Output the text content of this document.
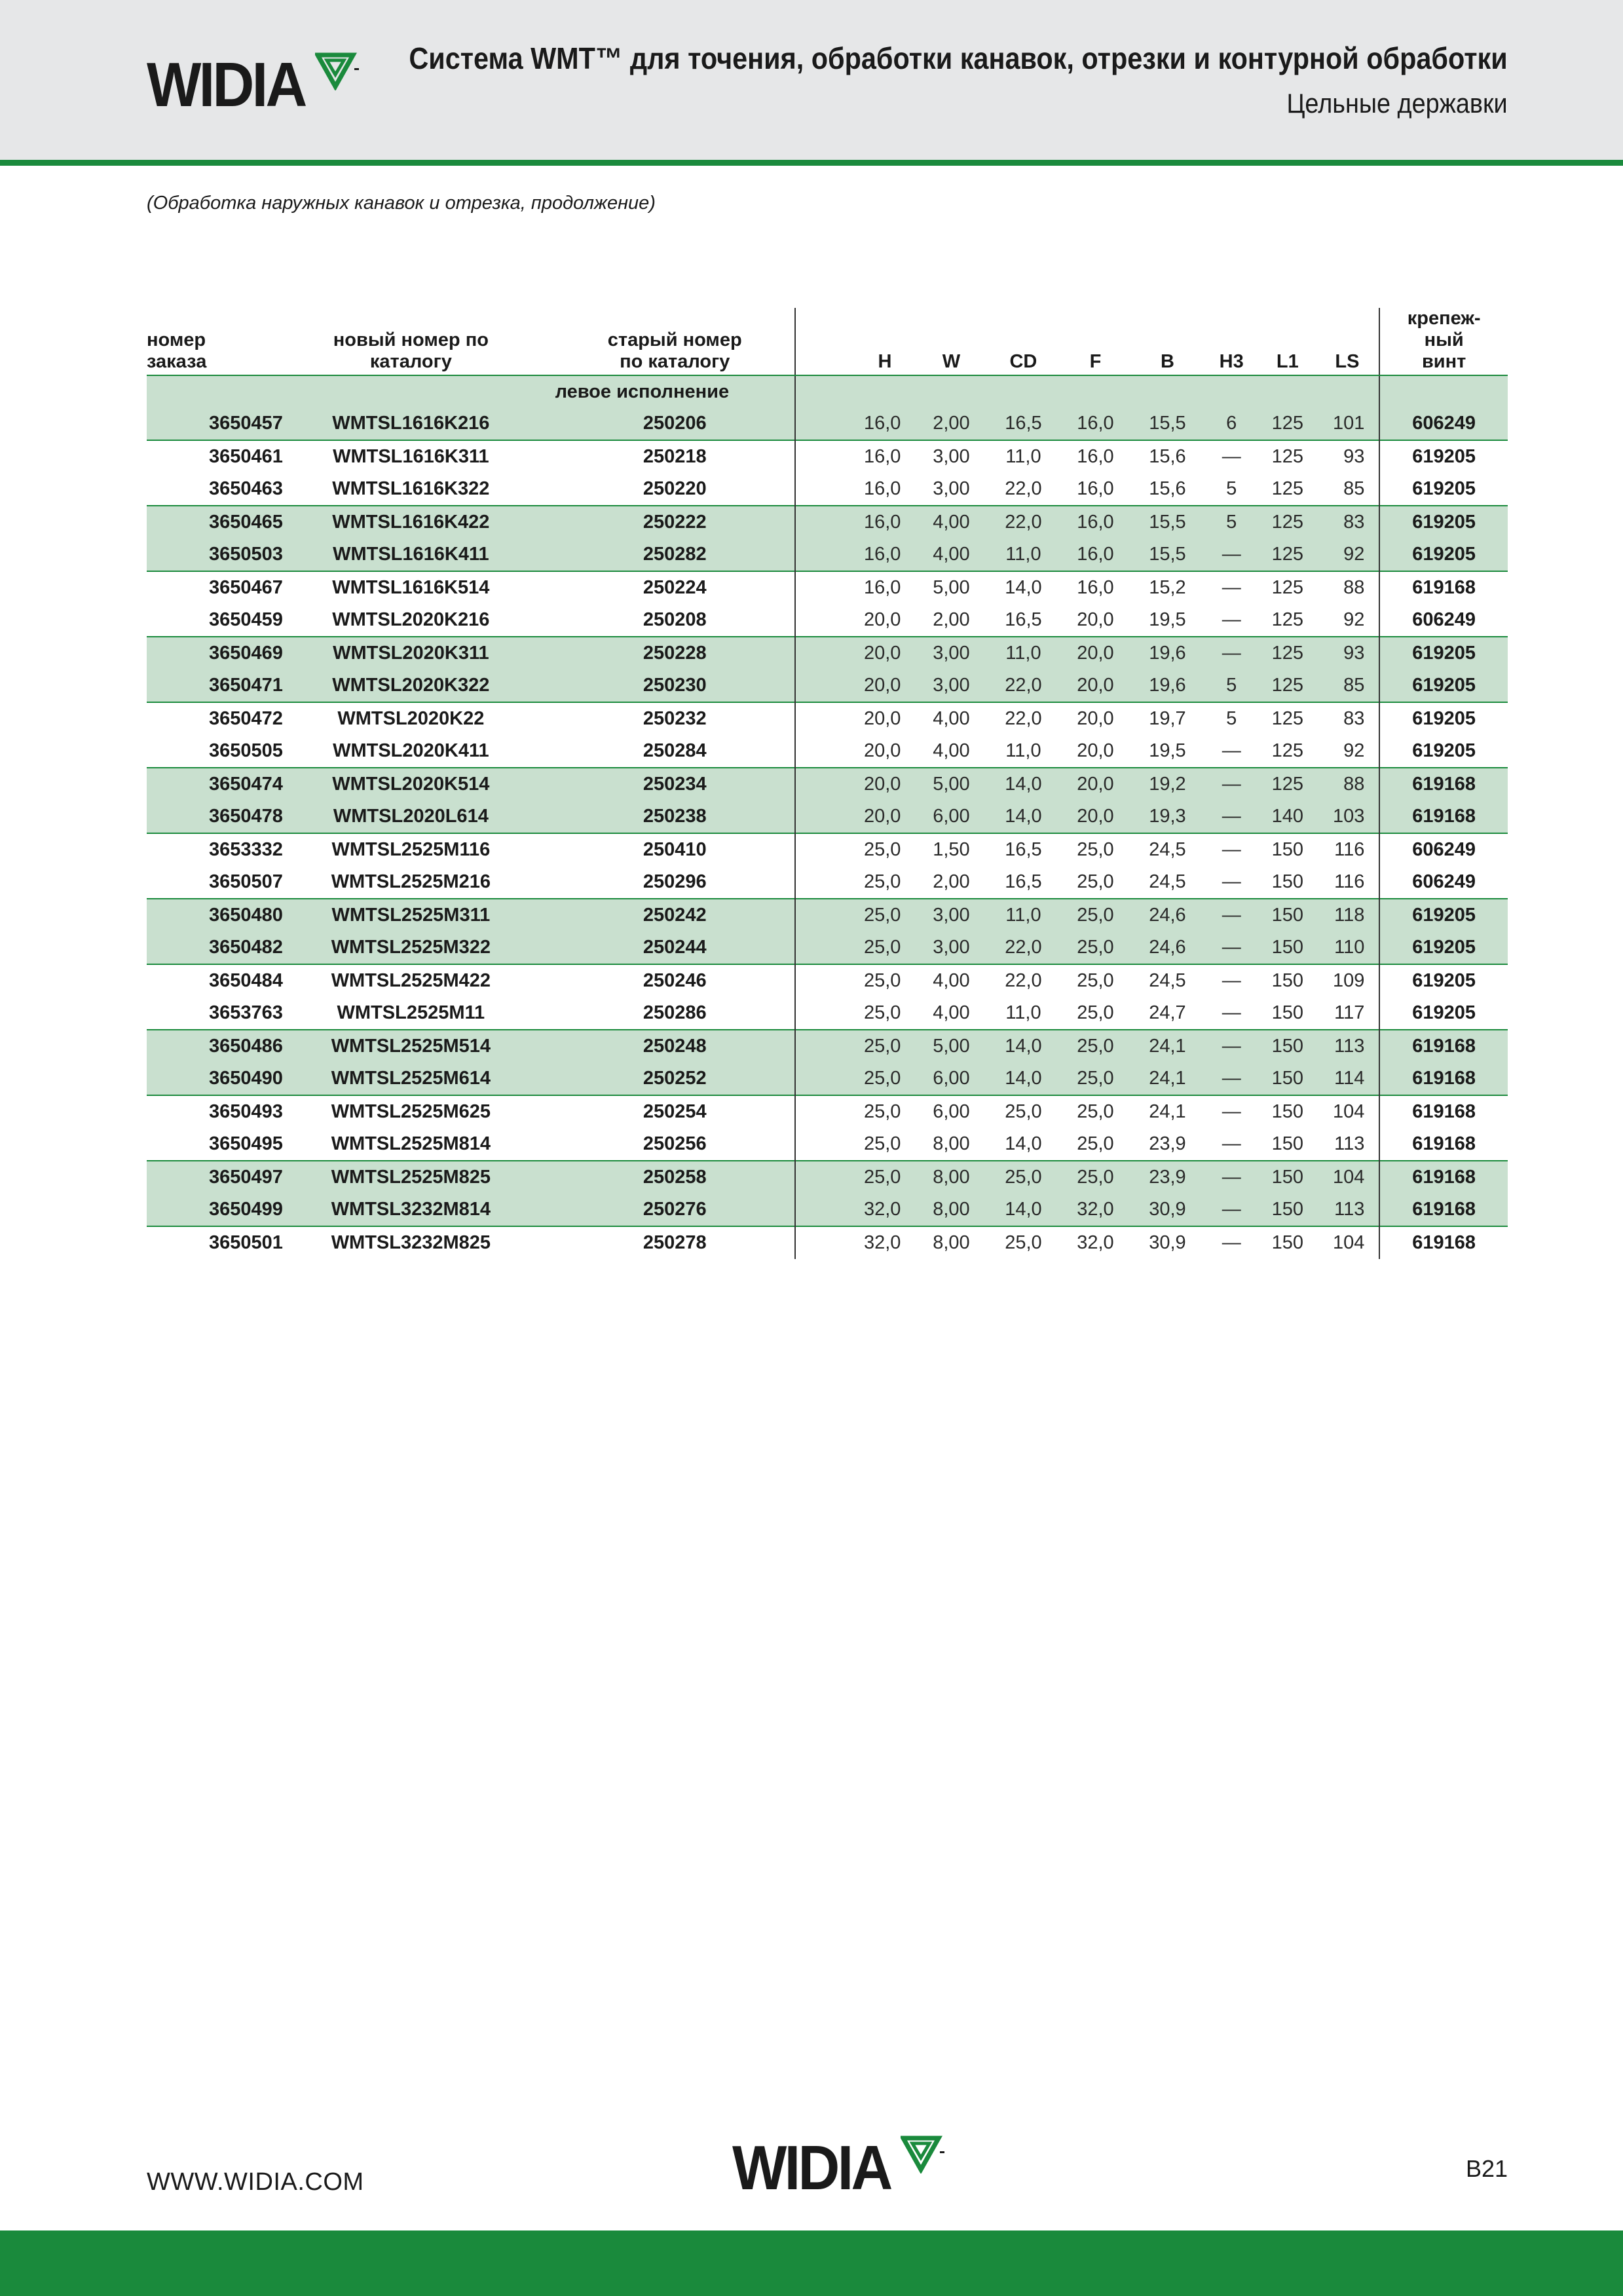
WIDIA	Система WMT™ для точения, обработки канавок, отрезки и контурной обработки
Цельные державки
(Обработка наружных канавок и отрезка, продолжение)
номер заказа	новый номер по каталогу	старый номер по каталогу	H	W	CD	F	B	H3	L1	LS	крепеж- ный винт
левое исполнение											
3650457	WMTSL1616K216	250206	16,0	2,00	16,5	16,0	15,5	6	125	101	606249
3650461	WMTSL1616K311	250218	16,0	3,00	11,0	16,0	15,6	—	125	93	619205
3650463	WMTSL1616K322	250220	16,0	3,00	22,0	16,0	15,6	5	125	85	619205
3650465	WMTSL1616K422	250222	16,0	4,00	22,0	16,0	15,5	5	125	83	619205
3650503	WMTSL1616K411	250282	16,0	4,00	11,0	16,0	15,5	—	125	92	619205
3650467	WMTSL1616K514	250224	16,0	5,00	14,0	16,0	15,2	—	125	88	619168
3650459	WMTSL2020K216	250208	20,0	2,00	16,5	20,0	19,5	—	125	92	606249
3650469	WMTSL2020K311	250228	20,0	3,00	11,0	20,0	19,6	—	125	93	619205
3650471	WMTSL2020K322	250230	20,0	3,00	22,0	20,0	19,6	5	125	85	619205
3650472	WMTSL2020K22	250232	20,0	4,00	22,0	20,0	19,7	5	125	83	619205
3650505	WMTSL2020K411	250284	20,0	4,00	11,0	20,0	19,5	—	125	92	619205
3650474	WMTSL2020K514	250234	20,0	5,00	14,0	20,0	19,2	—	125	88	619168
3650478	WMTSL2020L614	250238	20,0	6,00	14,0	20,0	19,3	—	140	103	619168
3653332	WMTSL2525M116	250410	25,0	1,50	16,5	25,0	24,5	—	150	116	606249
3650507	WMTSL2525M216	250296	25,0	2,00	16,5	25,0	24,5	—	150	116	606249
3650480	WMTSL2525M311	250242	25,0	3,00	11,0	25,0	24,6	—	150	118	619205
3650482	WMTSL2525M322	250244	25,0	3,00	22,0	25,0	24,6	—	150	110	619205
3650484	WMTSL2525M422	250246	25,0	4,00	22,0	25,0	24,5	—	150	109	619205
3653763	WMTSL2525M11	250286	25,0	4,00	11,0	25,0	24,7	—	150	117	619205
3650486	WMTSL2525M514	250248	25,0	5,00	14,0	25,0	24,1	—	150	113	619168
3650490	WMTSL2525M614	250252	25,0	6,00	14,0	25,0	24,1	—	150	114	619168
3650493	WMTSL2525M625	250254	25,0	6,00	25,0	25,0	24,1	—	150	104	619168
3650495	WMTSL2525M814	250256	25,0	8,00	14,0	25,0	23,9	—	150	113	619168
3650497	WMTSL2525M825	250258	25,0	8,00	25,0	25,0	23,9	—	150	104	619168
3650499	WMTSL3232M814	250276	32,0	8,00	14,0	32,0	30,9	—	150	113	619168
3650501	WMTSL3232M825	250278	32,0	8,00	25,0	32,0	30,9	—	150	104	619168
WIDIA
WWW.WIDIA.COM	B21
